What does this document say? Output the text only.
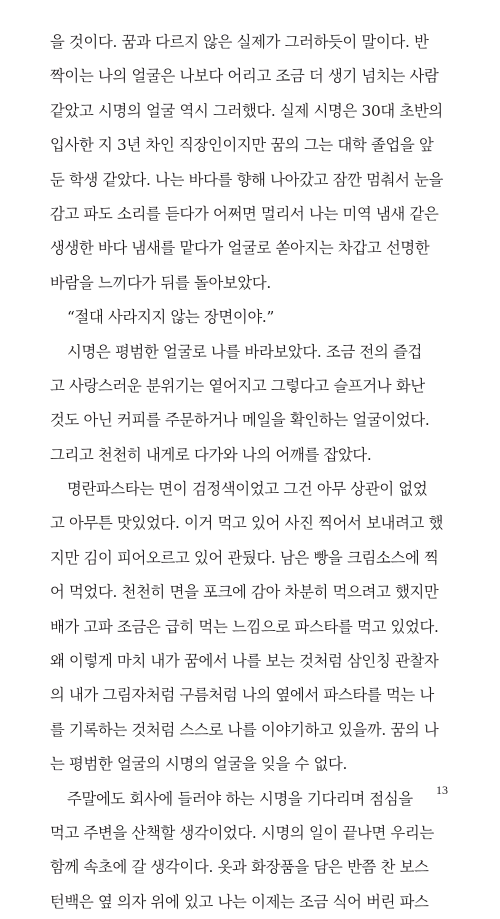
을 것이다. 꿈과 다르지 않은 실제가 그러하듯이 말이다. 반
짝이는 나의 얼굴은 나보다 어리고 조금 더 생기 넘치는 사람
같았고 시명의 얼굴 역시 그러했다. 실제 시명은 30대 초반의
입사한 지 3년 차인 직장인이지만 꿈의 그는 대학 졸업을 앞
둔 학생 같았다. 나는 바다를 향해 나아갔고 잠깐 멈춰서 눈을
감고 파도 소리를 듣다가 어쩌면 멀리서 나는 미역 냄새 같은
생생한 바다 냄새를 맡다가 얼굴로 쏟아지는 차갑고 선명한
바람을 느끼다가 뒤를 돌아보았다.
“절대 사라지지 않는 장면이야.”
시명은 평범한 얼굴로 나를 바라보았다. 조금 전의 즐겁
고 사랑스러운 분위기는 옅어지고 그렇다고 슬프거나 화난
것도 아닌 커피를 주문하거나 메일을 확인하는 얼굴이었다.
그리고 천천히 내게로 다가와 나의 어깨를 잡았다.
명란파스타는 면이 검정색이었고 그건 아무 상관이 없었
고 아무튼 맛있었다. 이거 먹고 있어 사진 찍어서 보내려고 했
지만 김이 피어오르고 있어 관뒀다. 남은 빵을 크림소스에 찍
어 먹었다. 천천히 면을 포크에 감아 차분히 먹으려고 했지만
배가 고파 조금은 급히 먹는 느낌으로 파스타를 먹고 있었다.
왜 이렇게 마치 내가 꿈에서 나를 보는 것처럼 삼인칭 관찰자
의 내가 그림자처럼 구름처럼 나의 옆에서 파스타를 먹는 나
를 기록하는 것처럼 스스로 나를 이야기하고 있을까. 꿈의 나
는 평범한 얼굴의 시명의 얼굴을 잊을 수 없다.
주말에도 회사에 들러야 하는 시명을 기다리며 점심을
먹고 주변을 산책할 생각이었다. 시명의 일이 끝나면 우리는
함께 속초에 갈 생각이다. 옷과 화장품을 담은 반쯤 찬 보스
턴백은 옆 의자 위에 있고 나는 이제는 조금 식어 버린 파스
13
